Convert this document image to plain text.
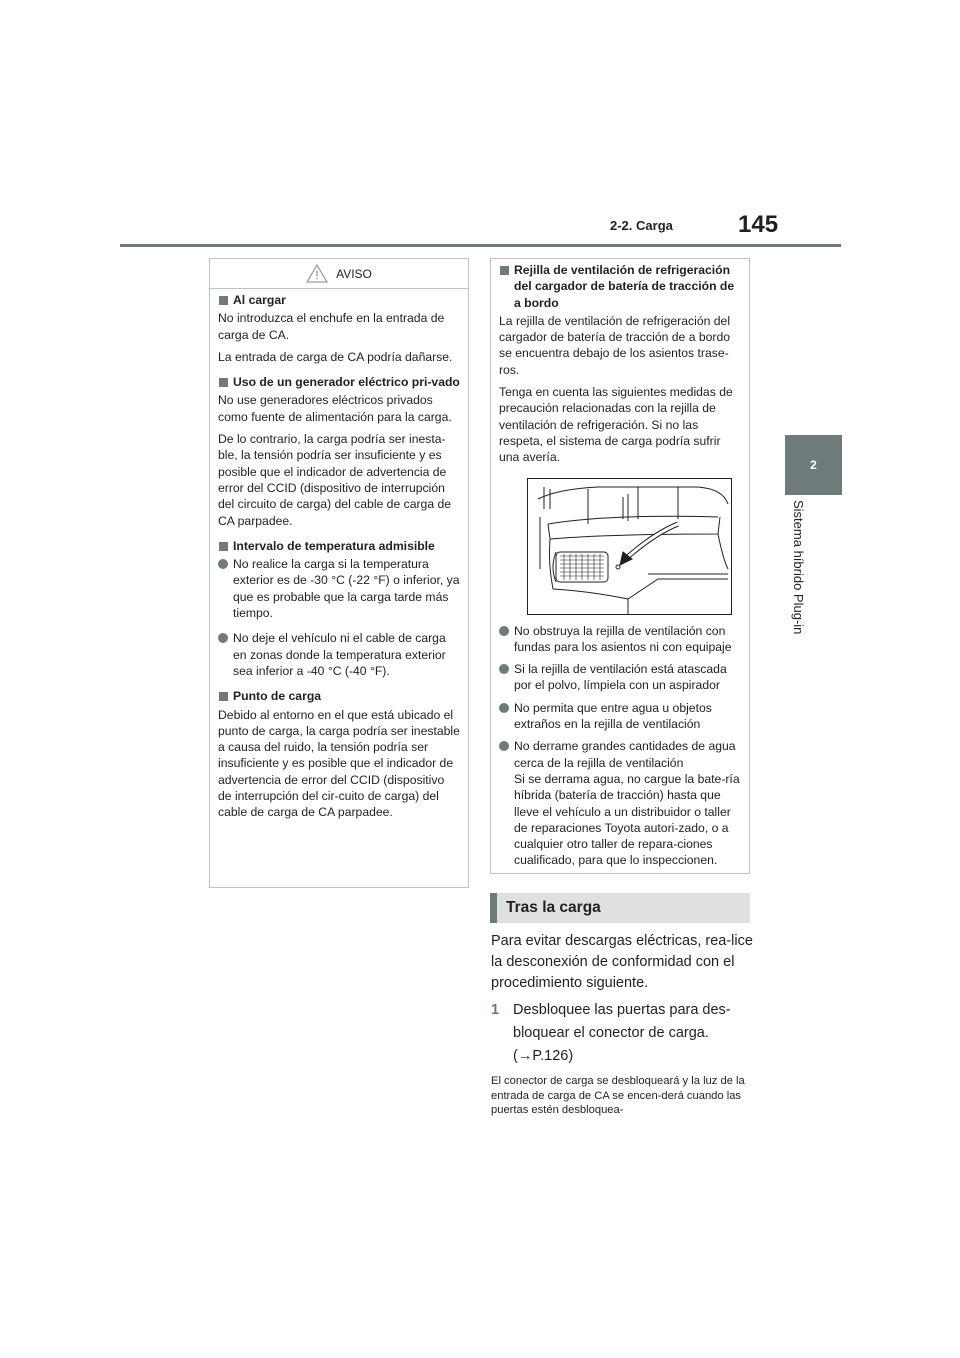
2-2. Carga	145
2
Sistema híbrido Plug-in
AVISO
Al cargar

No introduzca el enchufe en la entrada de carga de CA.

La entrada de carga de CA podría dañarse.

Uso de un generador eléctrico pri-vado

No use generadores eléctricos privados como fuente de alimentación para la carga.

De lo contrario, la carga podría ser inesta-ble, la tensión podría ser insuficiente y es posible que el indicador de advertencia de error del CCID (dispositivo de interrupción del circuito de carga) del cable de carga de CA parpadee.

Intervalo de temperatura admisible
No realice la carga si la temperatura exterior es de -30 °C (-22 °F) o inferior, ya que es probable que la carga tarde más tiempo.
No deje el vehículo ni el cable de carga en zonas donde la temperatura exterior sea inferior a -40 °C (-40 °F).
Punto de carga

Debido al entorno en el que está ubicado el punto de carga, la carga podría ser inestable a causa del ruido, la tensión podría ser insuficiente y es posible que el indicador de advertencia de error del CCID (dispositivo de interrupción del cir-cuito de carga) del cable de carga de CA parpadee.

Rejilla de ventilación de refrigeración del cargador de batería de tracción de a bordo

La rejilla de ventilación de refrigeración del cargador de batería de tracción de a bordo se encuentra debajo de los asientos trase-ros.

Tenga en cuenta las siguientes medidas de precaución relacionadas con la rejilla de ventilación de refrigeración. Si no las respeta, el sistema de carga podría sufrir una avería.

No obstruya la rejilla de ventilación con fundas para los asientos ni con equipaje
Si la rejilla de ventilación está atascada por el polvo, límpiela con un aspirador
No permita que entre agua u objetos extraños en la rejilla de ventilación
No derrame grandes cantidades de agua cerca de la rejilla de ventilación
Si se derrama agua, no cargue la bate-ría híbrida (batería de tracción) hasta que lleve el vehículo a un distribuidor o taller de reparaciones Toyota autori-zado, o a cualquier otro taller de repara-ciones cualificado, para que lo inspeccionen.
Tras la carga

Para evitar descargas eléctricas, rea-lice la desconexión de conformidad con el procedimiento siguiente.

1 Desbloquee las puertas para des-bloquear el conector de carga.
(→P.126)

El conector de carga se desbloqueará y la luz de la entrada de carga de CA se encen-derá cuando las puertas estén desbloquea-
